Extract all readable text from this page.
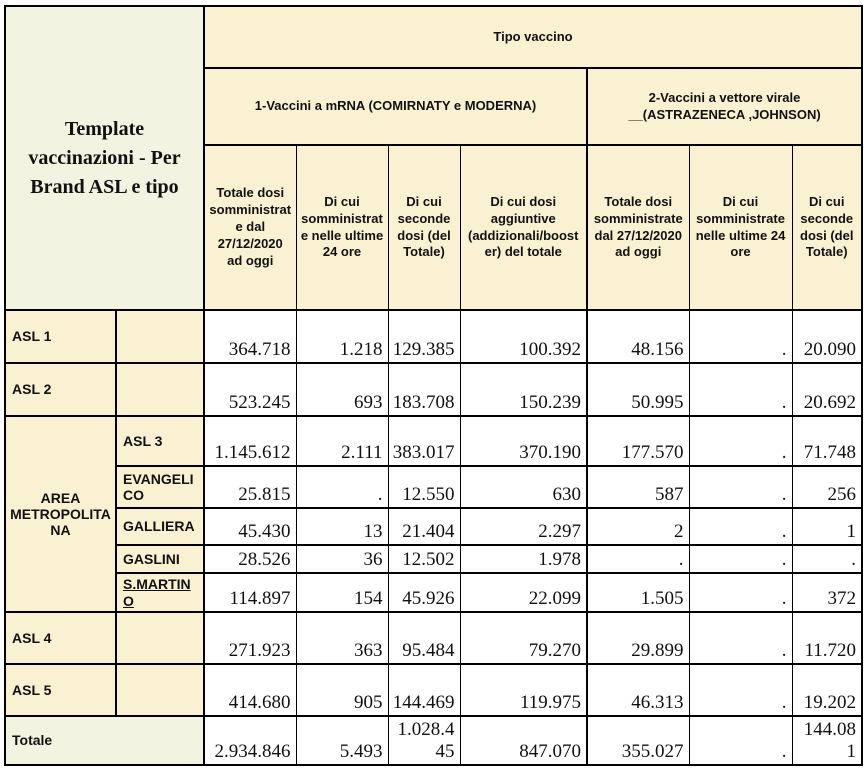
Template vaccinazioni - Per Brand ASL e tipo		Tipo vaccino						
		1-Vaccini a mRNA (COMIRNATY e MODERNA)				2-Vaccini a vettore virale __(ASTRAZENECA ,JOHNSON)		
		Totale dosi somministrate dal 27/12/2020 ad oggi	Di cui somministrate nelle ultime 24 ore	Di cui seconde dosi (del Totale)	Di cui dosi aggiuntive (addizionali/booster) del totale	Totale dosi somministrate dal 27/12/2020 ad oggi	Di cui somministrate nelle ultime 24 ore	Di cui seconde dosi (del Totale)
ASL 1		364.718	1.218	129.385	100.392	48.156	.	20.090
ASL 2		523.245	693	183.708	150.239	50.995	.	20.692
AREA METROPOLITANA	ASL 3	1.145.612	2.111	383.017	370.190	177.570	.	71.748
	EVANGELICO	25.815	.	12.550	630	587	.	256
	GALLIERA	45.430	13	21.404	2.297	2	.	1
	GASLINI	28.526	36	12.502	1.978	.	.	.
	S.MARTINO	114.897	154	45.926	22.099	1.505	.	372
ASL 4		271.923	363	95.484	79.270	29.899	.	11.720
ASL 5		414.680	905	144.469	119.975	46.313	.	19.202
Totale		2.934.846	5.493	1.028.445	847.070	355.027	.	144.081
